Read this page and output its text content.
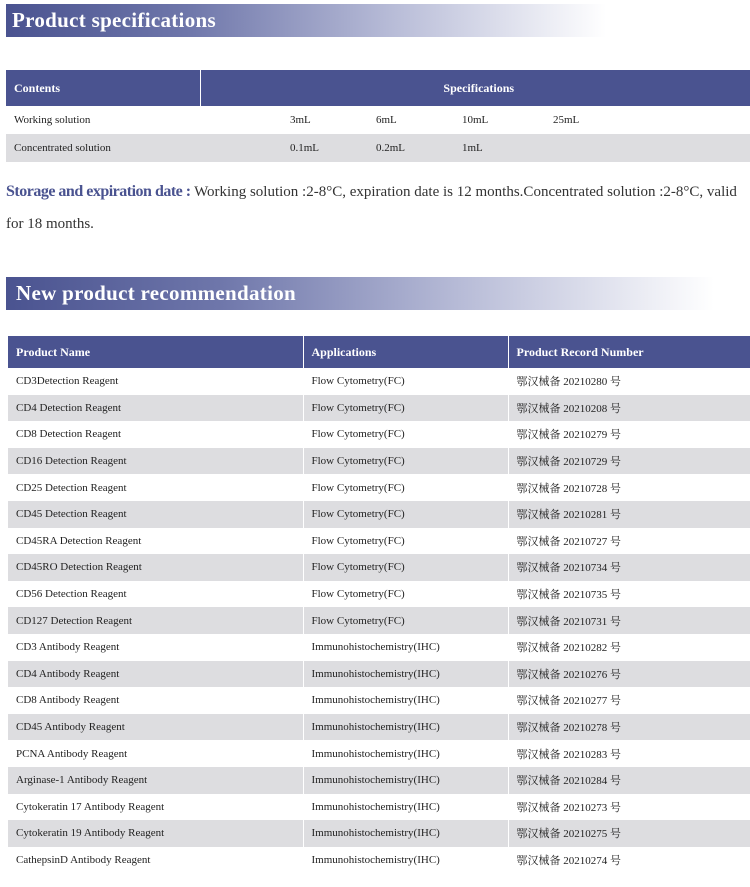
Product specifications
Contents	Specifications				
Working solution		3mL	6mL	10mL	25mL
Concentrated solution		0.1mL	0.2mL	1mL	
Storage and expiration date : Working solution :2-8°C, expiration date is 12 months.Concentrated solution :2-8°C, valid for 18 months.
New product recommendation
Product Name	Applications	Product Record Number
CD3Detection Reagent	Flow Cytometry(FC)	鄂汉械备 20210280 号
CD4 Detection Reagent	Flow Cytometry(FC)	鄂汉械备 20210208 号
CD8 Detection Reagent	Flow Cytometry(FC)	鄂汉械备 20210279 号
CD16 Detection Reagent	Flow Cytometry(FC)	鄂汉械备 20210729 号
CD25 Detection Reagent	Flow Cytometry(FC)	鄂汉械备 20210728 号
CD45 Detection Reagent	Flow Cytometry(FC)	鄂汉械备 20210281 号
CD45RA Detection Reagent	Flow Cytometry(FC)	鄂汉械备 20210727 号
CD45RO Detection Reagent	Flow Cytometry(FC)	鄂汉械备 20210734 号
CD56 Detection Reagent	Flow Cytometry(FC)	鄂汉械备 20210735 号
CD127 Detection Reagent	Flow Cytometry(FC)	鄂汉械备 20210731 号
CD3 Antibody Reagent	Immunohistochemistry(IHC)	鄂汉械备 20210282 号
CD4 Antibody Reagent	Immunohistochemistry(IHC)	鄂汉械备 20210276 号
CD8 Antibody Reagent	Immunohistochemistry(IHC)	鄂汉械备 20210277 号
CD45 Antibody Reagent	Immunohistochemistry(IHC)	鄂汉械备 20210278 号
PCNA Antibody Reagent	Immunohistochemistry(IHC)	鄂汉械备 20210283 号
Arginase-1 Antibody Reagent	Immunohistochemistry(IHC)	鄂汉械备 20210284 号
Cytokeratin 17 Antibody Reagent	Immunohistochemistry(IHC)	鄂汉械备 20210273 号
Cytokeratin 19 Antibody Reagent	Immunohistochemistry(IHC)	鄂汉械备 20210275 号
CathepsinD Antibody Reagent	Immunohistochemistry(IHC)	鄂汉械备 20210274 号
